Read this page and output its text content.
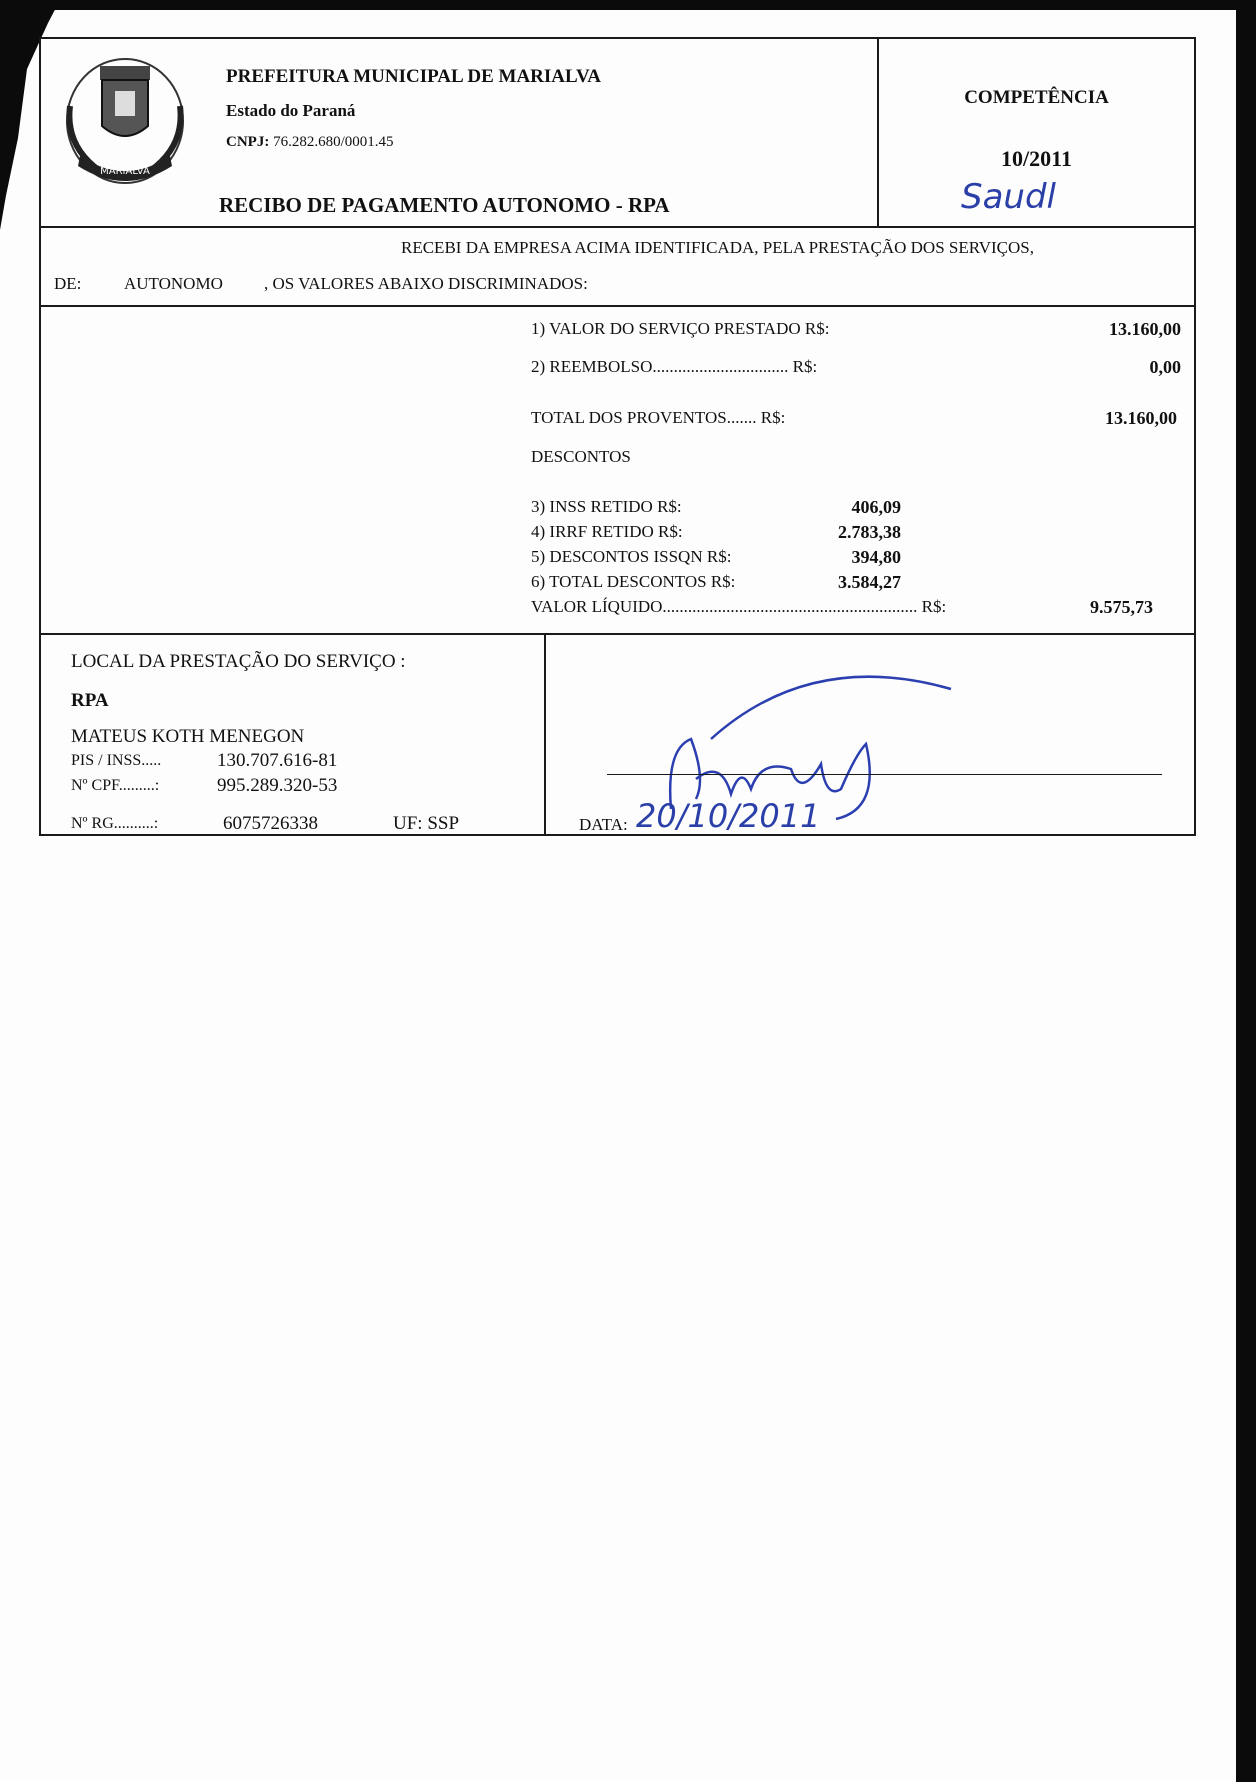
MARIALVA
PREFEITURA MUNICIPAL DE MARIALVA
Estado do Paraná
CNPJ: 76.282.680/0001.45
RECIBO DE PAGAMENTO AUTONOMO - RPA
COMPETÊNCIA
10/2011
Saudl
RECEBI DA EMPRESA ACIMA IDENTIFICADA, PELA PRESTAÇÃO DOS SERVIÇOS,
DE:	AUTONOMO , OS VALORES ABAIXO DISCRIMINADOS:
1) VALOR DO SERVIÇO PRESTADO R$:	13.160,00
2) REEMBOLSO................................ R$:	0,00
TOTAL DOS PROVENTOS....... R$:	13.160,00
DESCONTOS
3) INSS RETIDO R$:	406,09
4) IRRF RETIDO R$:	2.783,38
5) DESCONTOS ISSQN R$:	394,80
6) TOTAL DESCONTOS R$:	3.584,27
VALOR LÍQUIDO............................................................ R$:	9.575,73
LOCAL DA PRESTAÇÃO DO SERVIÇO :
RPA
MATEUS KOTH MENEGON
PIS / INSS.....	130.707.616-81
Nº CPF.........:	995.289.320-53
Nº RG..........:	6075726338	UF: SSP	DATA: 20/10/2011
